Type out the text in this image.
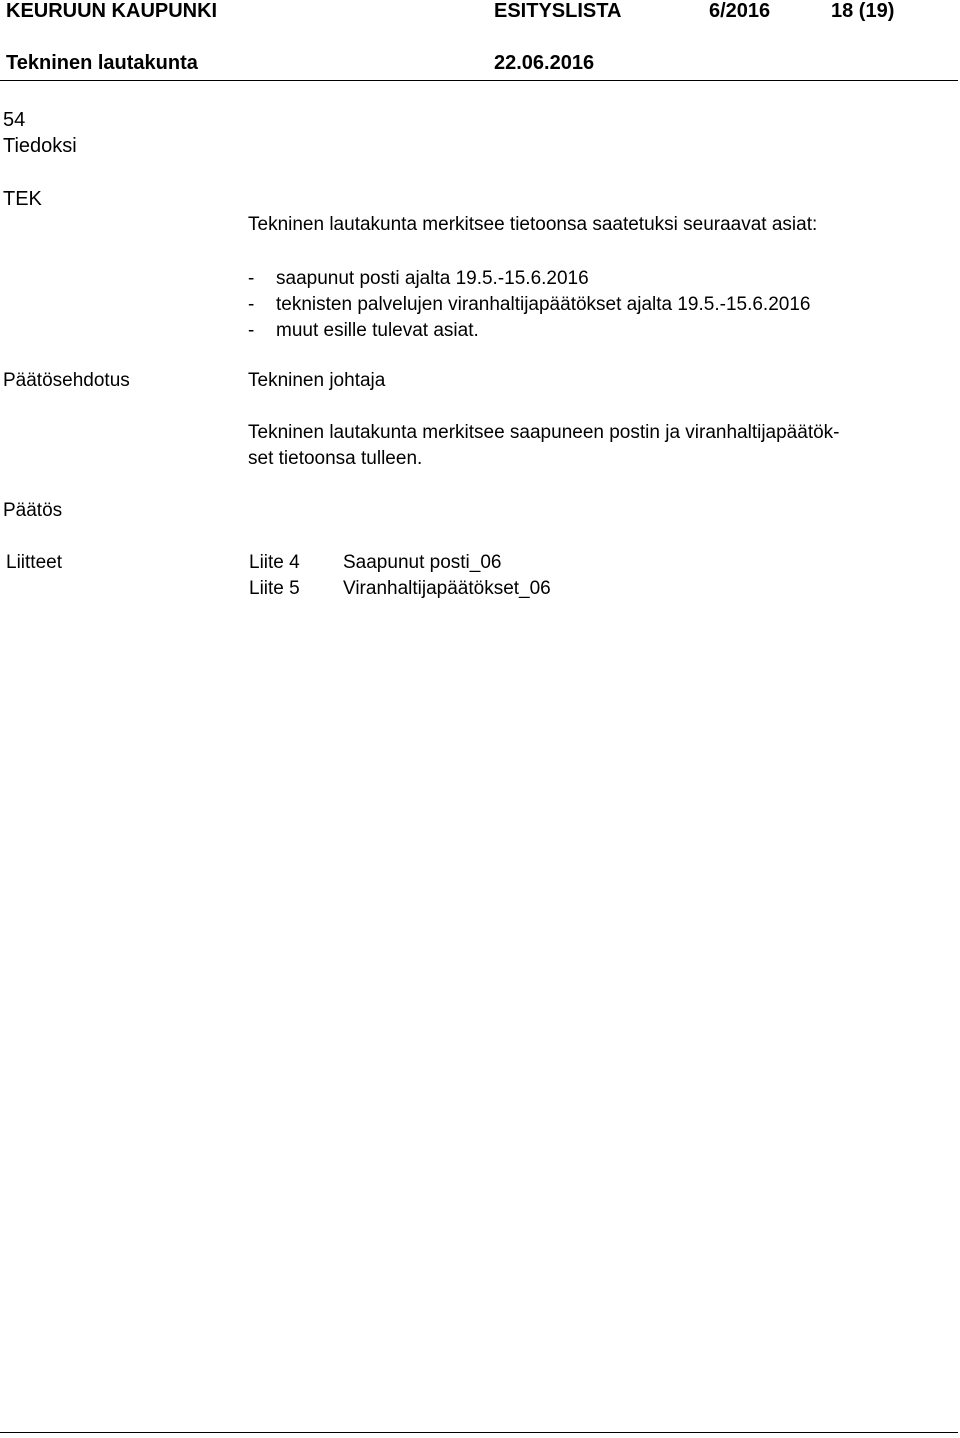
KEURUUN KAUPUNKI	ESITYSLISTA	6/2016	18 (19)
Tekninen lautakunta	22.06.2016
54
Tiedoksi
TEK
Tekninen lautakunta merkitsee tietoonsa saatetuksi seuraavat asiat:
- saapunut posti ajalta 19.5.-15.6.2016
- teknisten palvelujen viranhaltijapäätökset ajalta 19.5.-15.6.2016
- muut esille tulevat asiat.
Päätösehdotus	Tekninen johtaja
Tekninen lautakunta merkitsee saapuneen postin ja viranhaltijapäätök-
set tietoonsa tulleen.
Päätös
Liitteet	Liite 4 Saapunut posti_06
Liite 5 Viranhaltijapäätökset_06
